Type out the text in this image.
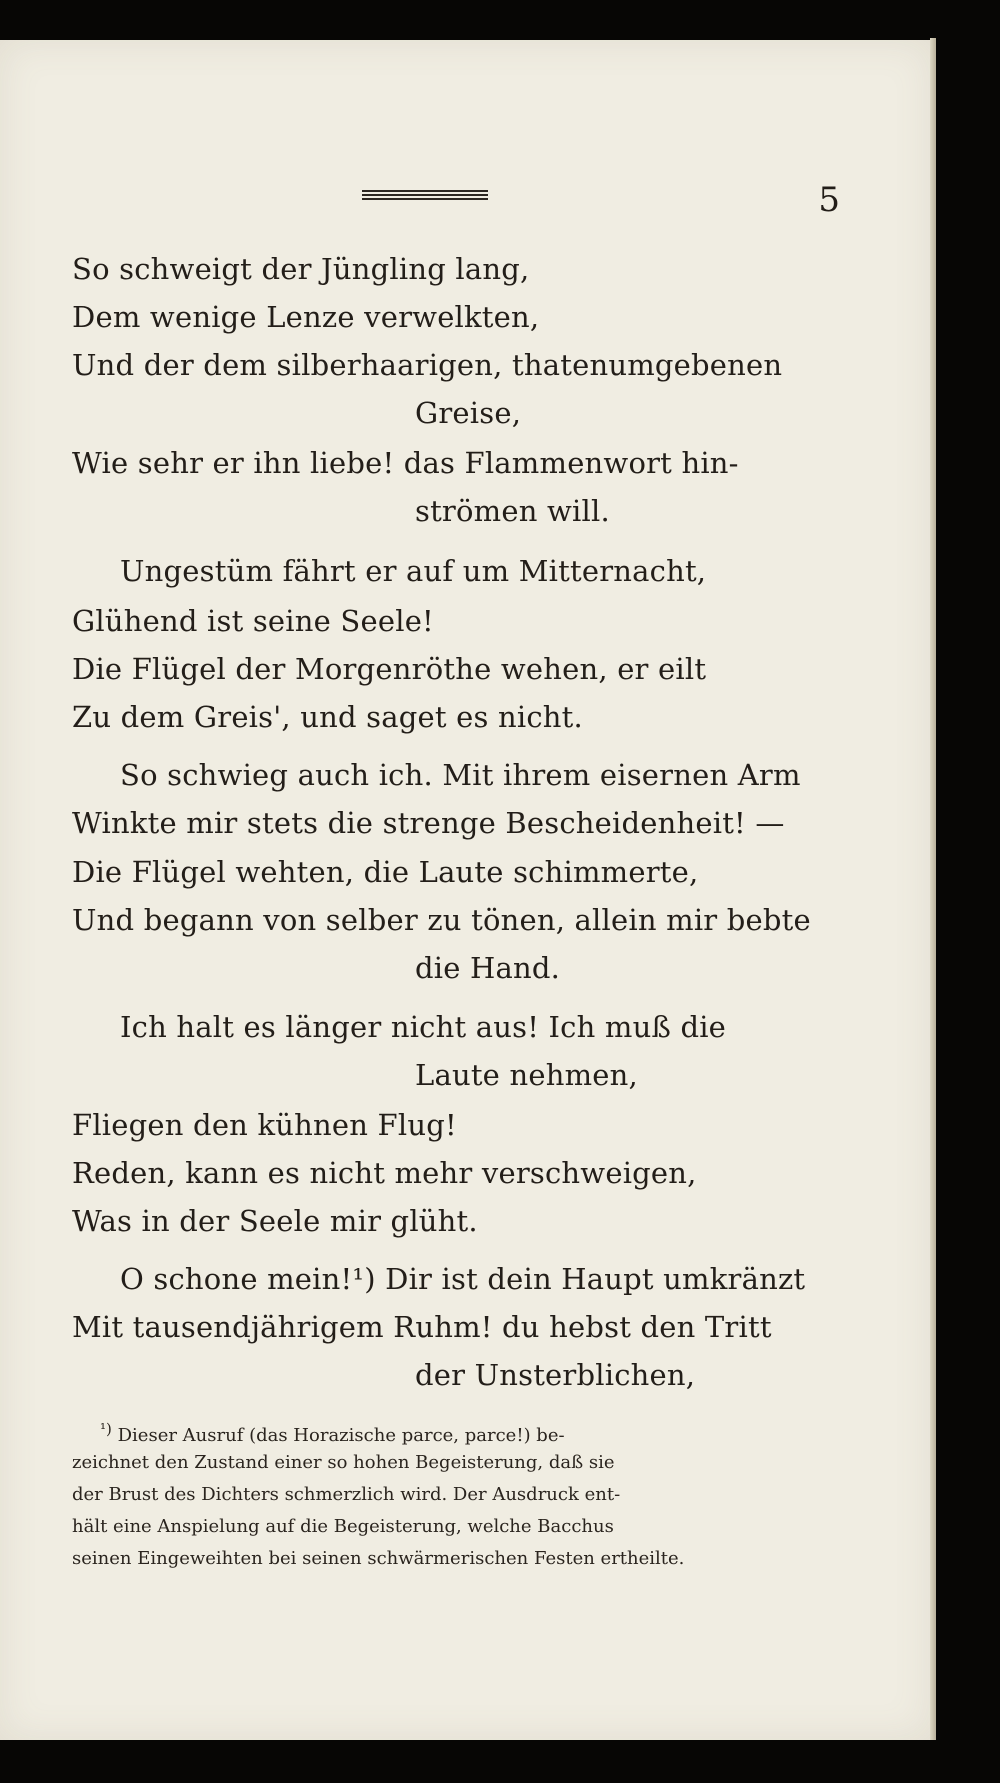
5
So schweigt der Jüngling lang,
Dem wenige Lenze verwelkten,
Und der dem silberhaarigen, thatenumgebenen
Greise,
Wie sehr er ihn liebe! das Flammenwort hin-
strömen will.
Ungestüm fährt er auf um Mitternacht,
Glühend ist seine Seele!
Die Flügel der Morgenröthe wehen, er eilt
Zu dem Greis', und saget es nicht.
So schwieg auch ich. Mit ihrem eisernen Arm
Winkte mir stets die strenge Bescheidenheit! —
Die Flügel wehten, die Laute schimmerte,
Und begann von selber zu tönen, allein mir bebte
die Hand.
Ich halt es länger nicht aus! Ich muß die
Laute nehmen,
Fliegen den kühnen Flug!
Reden, kann es nicht mehr verschweigen,
Was in der Seele mir glüht.
O schone mein!¹) Dir ist dein Haupt umkränzt
Mit tausendjährigem Ruhm! du hebst den Tritt
der Unsterblichen,
$^{^1)}$ Dieser Ausruf (das Horazische parce, parce!) be-
zeichnet den Zustand einer so hohen Begeisterung, daß sie
der Brust des Dichters schmerzlich wird. Der Ausdruck ent-
hält eine Anspielung auf die Begeisterung, welche Bacchus
seinen Eingeweihten bei seinen schwärmerischen Festen ertheilte.
